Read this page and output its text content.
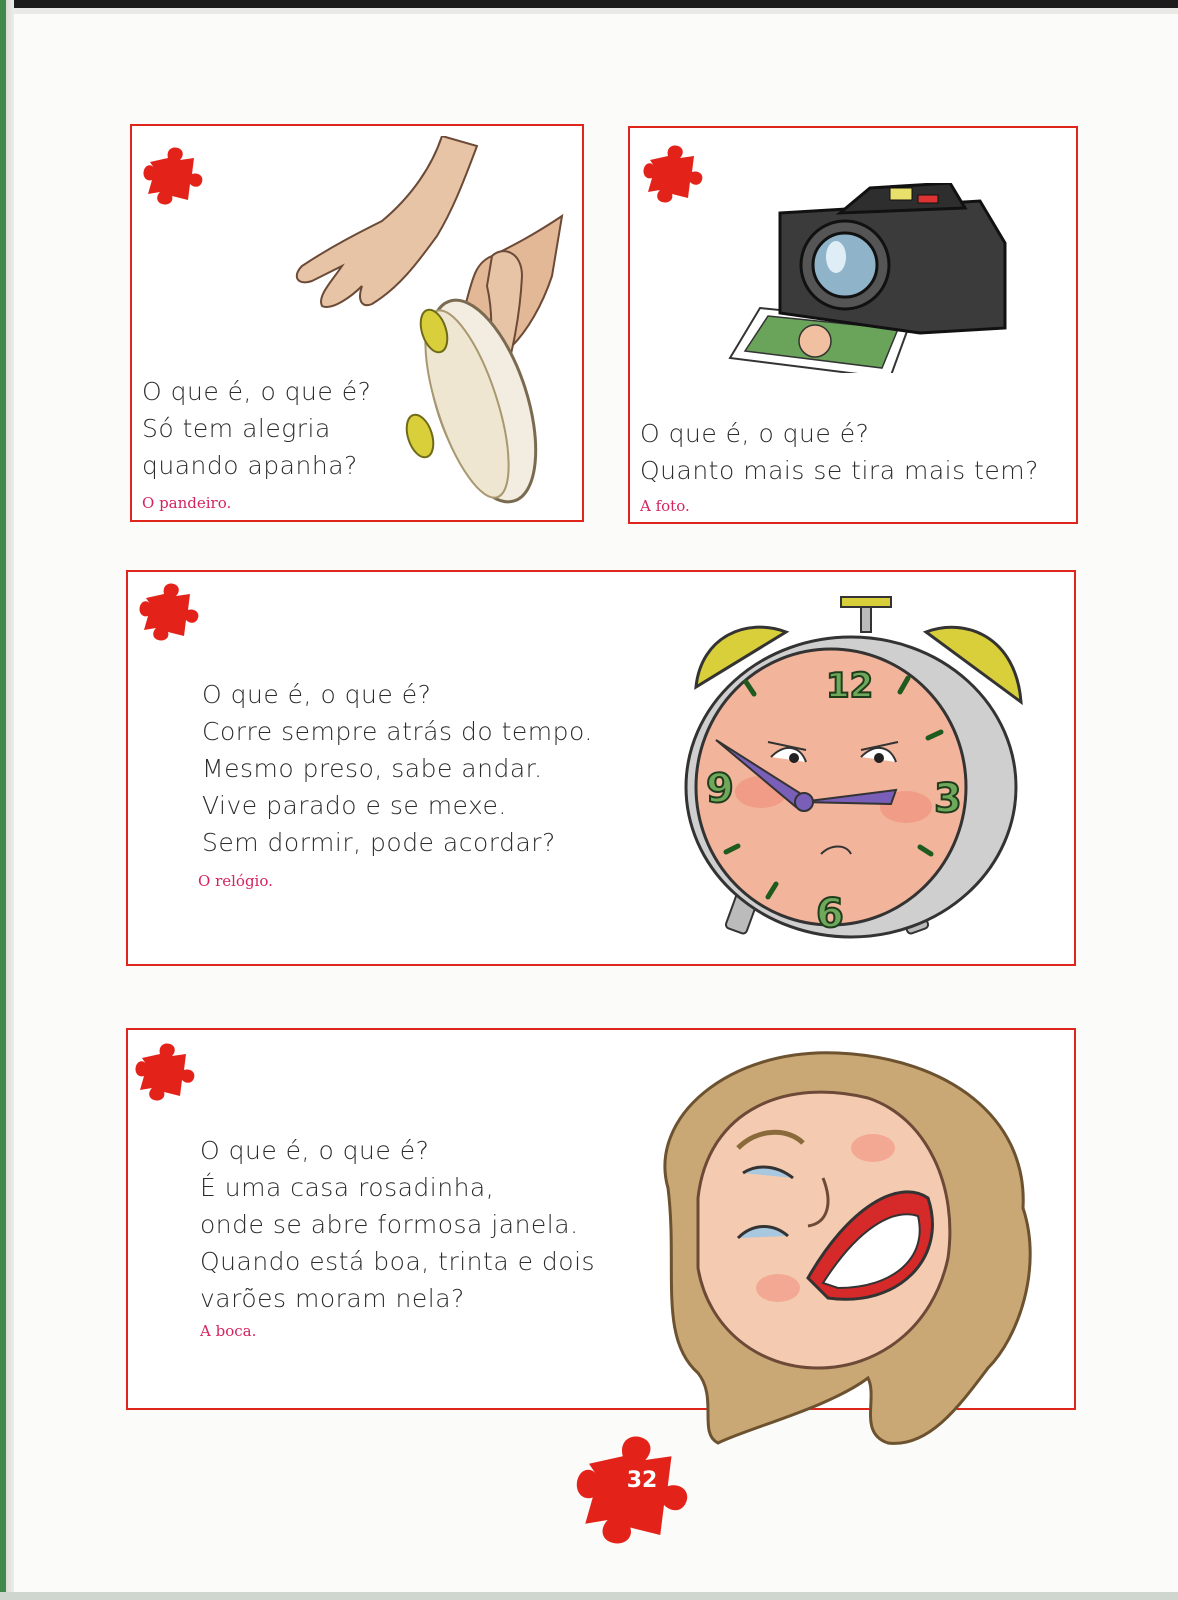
O que é, o que é?
Só tem alegria
quando apanha?
O pandeiro.
O que é, o que é?
Quanto mais se tira mais tem?
A foto.
12
3
6
9
O que é, o que é?
Corre sempre atrás do tempo.
Mesmo preso, sabe andar.
Vive parado e se mexe.
Sem dormir, pode acordar?
O relógio.
O que é, o que é?
É uma casa rosadinha,
onde se abre formosa janela.
Quando está boa, trinta e dois
varões moram nela?
A boca.
32
